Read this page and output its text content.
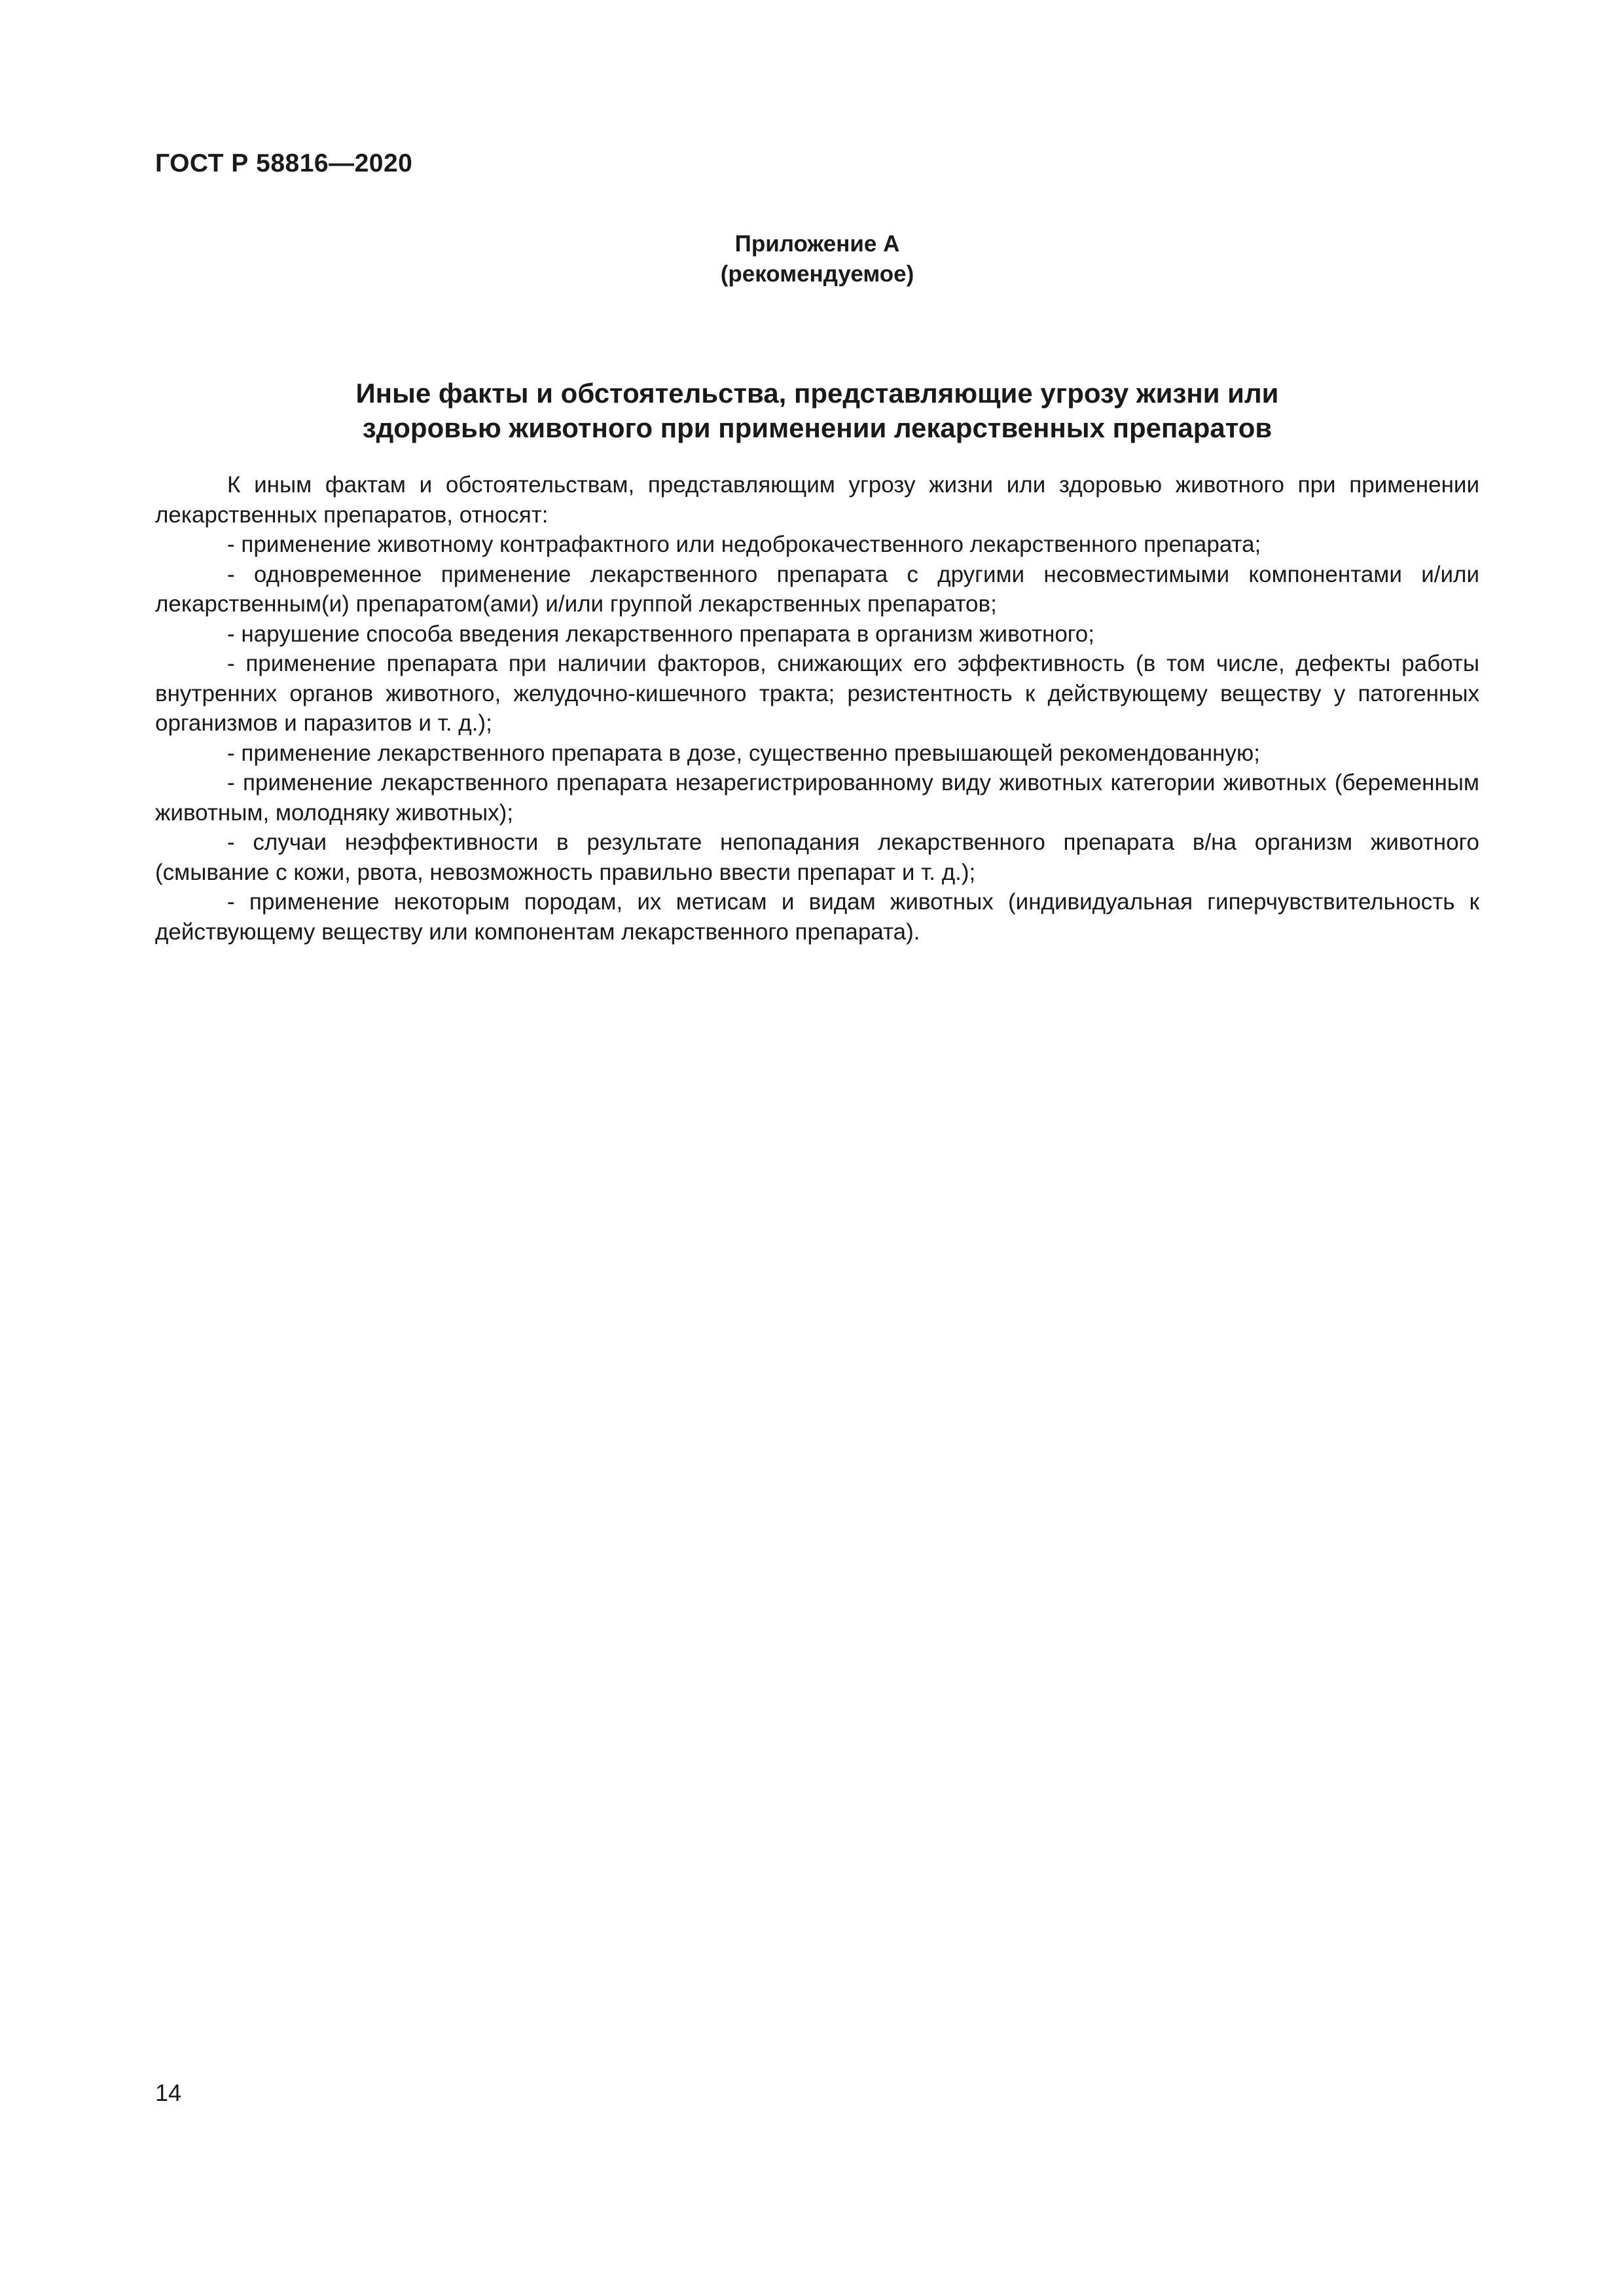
ГОСТ Р 58816—2020
Приложение А
(рекомендуемое)
Иные факты и обстоятельства, представляющие угрозу жизни или
здоровью животного при применении лекарственных препаратов

К иным фактам и обстоятельствам, представляющим угрозу жизни или здоровью животного при применении лекарственных препаратов, относят:

- применение животному контрафактного или недоброкачественного лекарственного препарата;

- одновременное применение лекарственного препарата с другими несовместимыми компонентами и/или лекарственным(и) препаратом(ами) и/или группой лекарственных препаратов;

- нарушение способа введения лекарственного препарата в организм животного;

- применение препарата при наличии факторов, снижающих его эффективность (в том числе, дефекты работы внутренних органов животного, желудочно-кишечного тракта; резистентность к действующему веществу у патогенных организмов и паразитов и т. д.);

- применение лекарственного препарата в дозе, существенно превышающей рекомендованную;

- применение лекарственного препарата незарегистрированному виду животных категории животных (беременным животным, молодняку животных);

- случаи неэффективности в результате непопадания лекарственного препарата в/на организм животного (смывание с кожи, рвота, невозможность правильно ввести препарат и т. д.);

- применение некоторым породам, их метисам и видам животных (индивидуальная гиперчувствительность к действующему веществу или компонентам лекарственного препарата).

14
